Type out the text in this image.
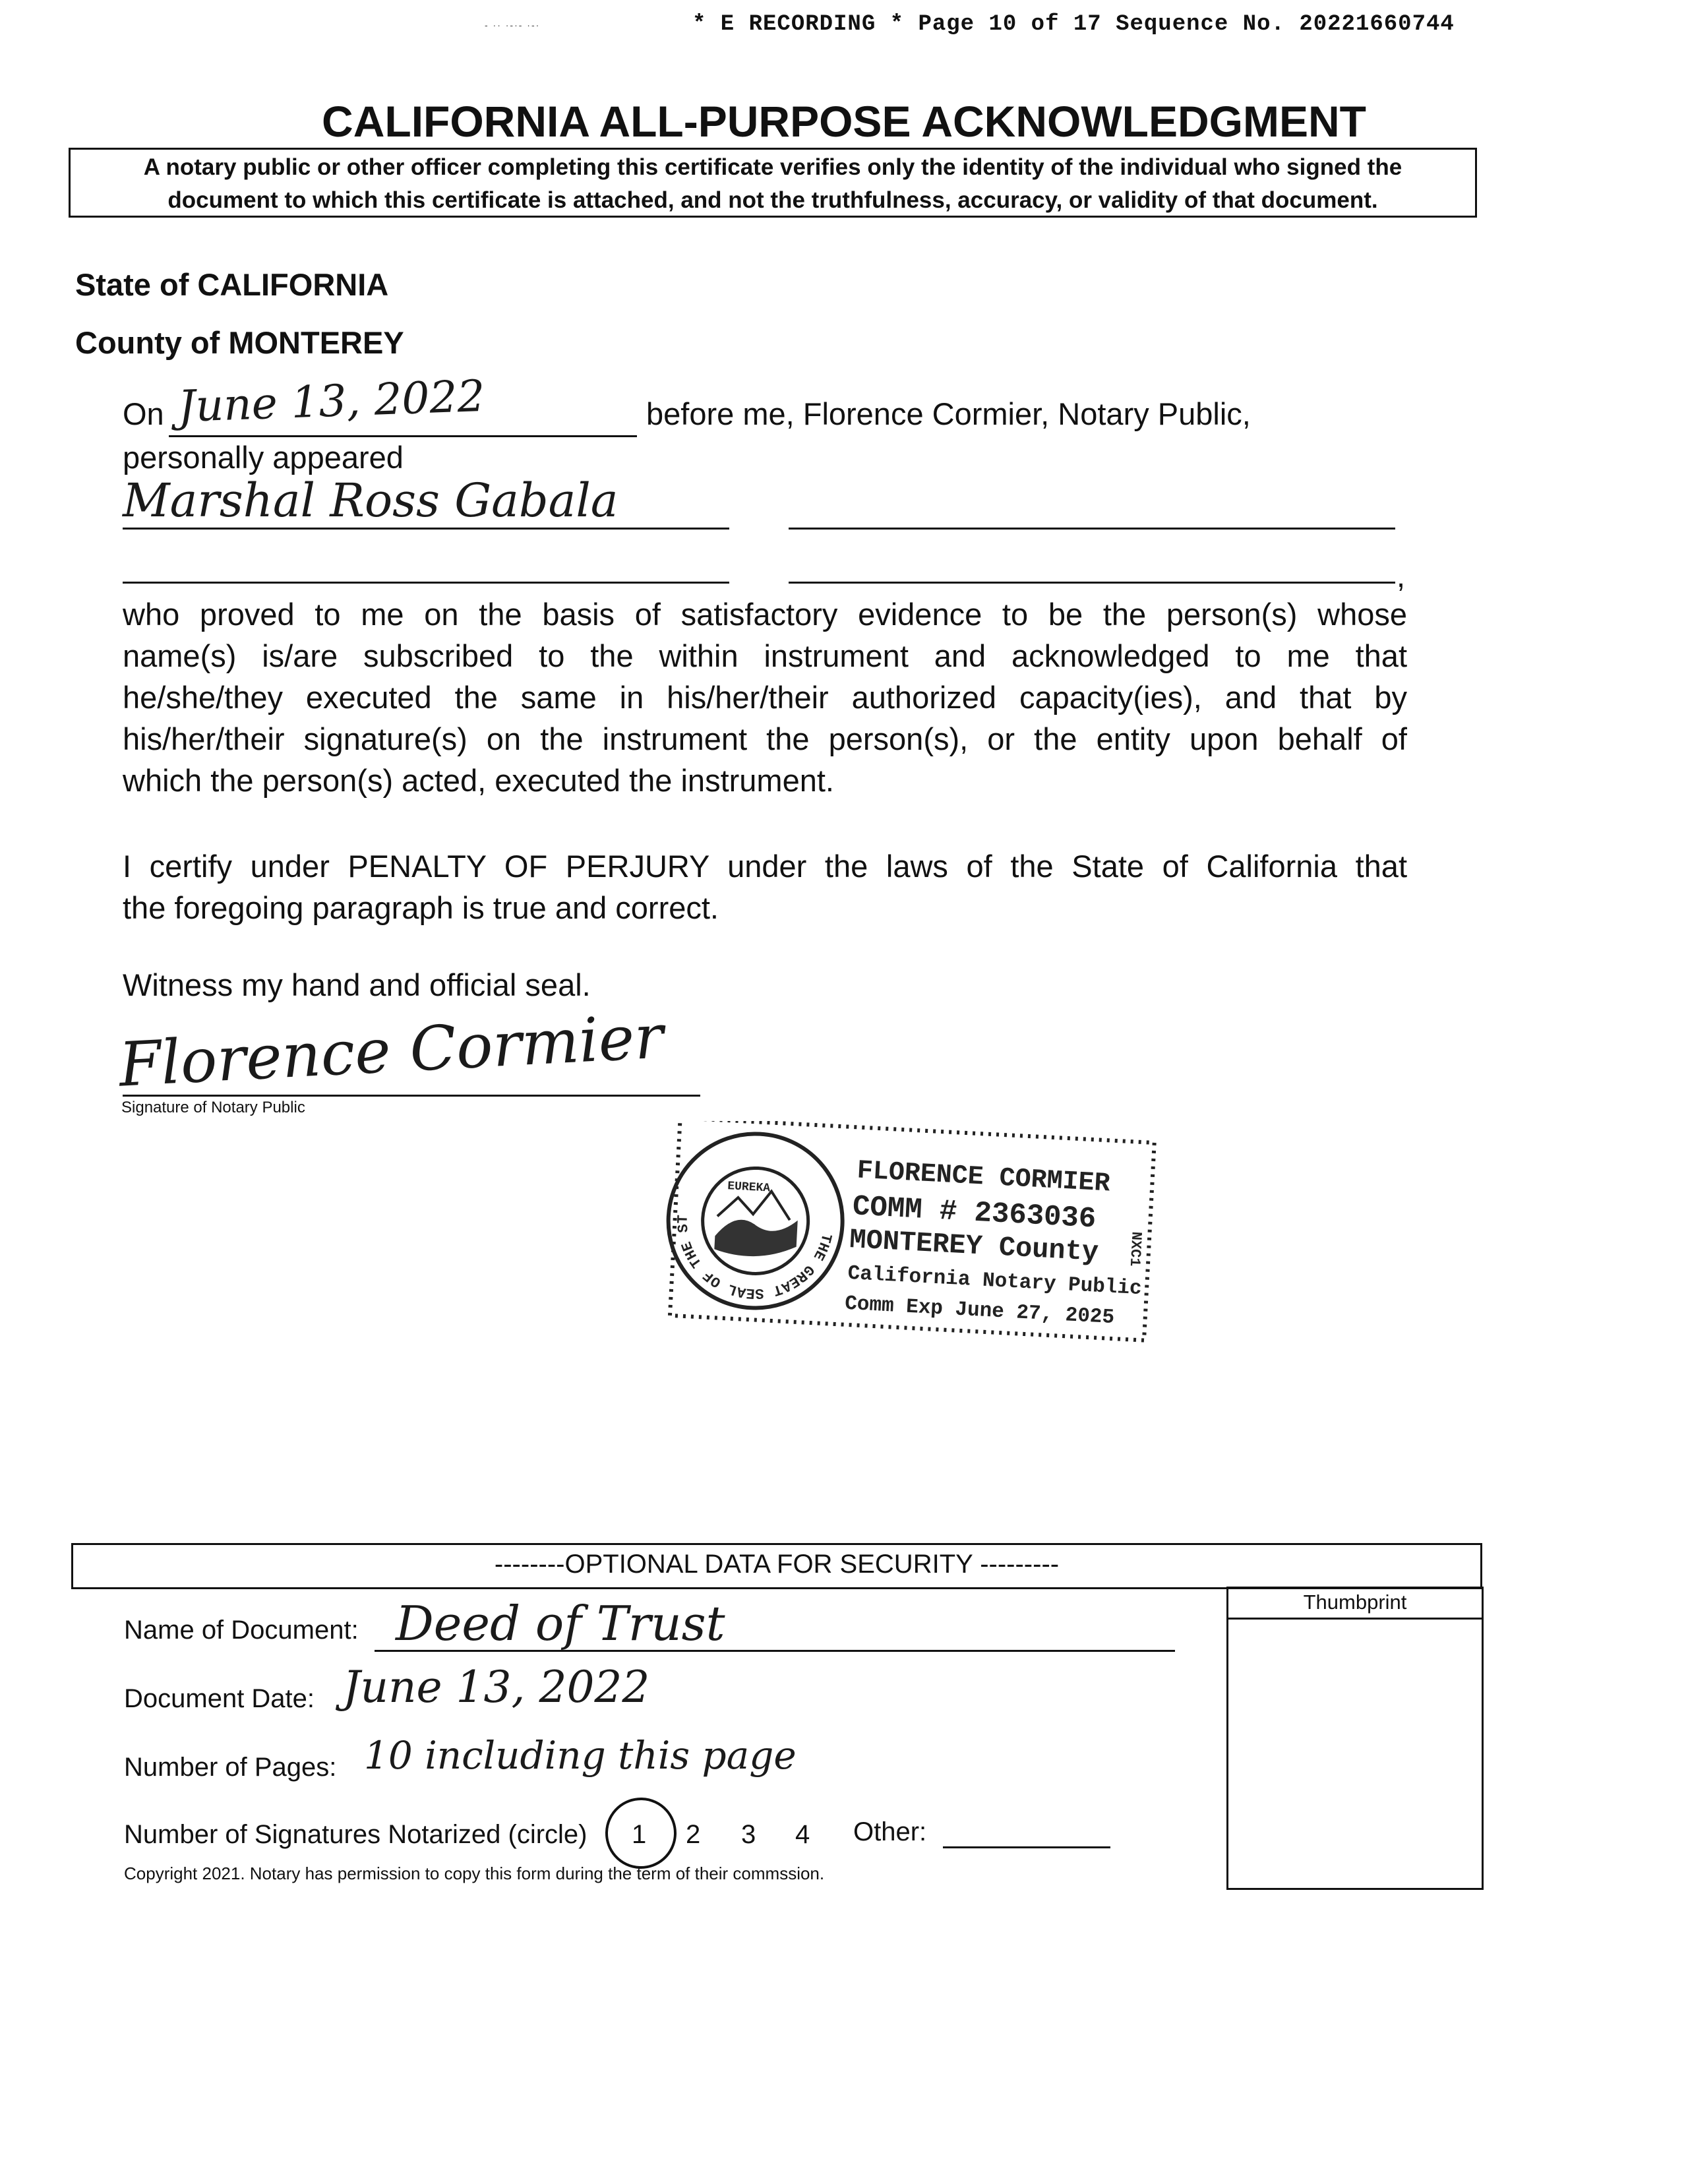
- ·· ·-·- ·-·	* E RECORDING * Page 10 of 17 Sequence No. 20221660744
CALIFORNIA ALL-PURPOSE ACKNOWLEDGMENT
A notary public or other officer completing this certificate verifies only the identity of the individual who signed the
document to which this certificate is attached, and not the truthfulness, accuracy, or validity of that document.
State of CALIFORNIA
County of MONTEREY
On June 13, 2022	before me, Florence Cormier, Notary Public,
personally appeared
Marshal Ross Gabala
,
who proved to me on the basis of satisfactory evidence to be the person(s) whose
name(s) is/are subscribed to the within instrument and acknowledged to me that
he/she/they executed the same in his/her/their authorized capacity(ies), and that by
his/her/their signature(s) on the instrument the person(s), or the entity upon behalf of
which the person(s) acted, executed the instrument.
I certify under PENALTY OF PERJURY under the laws of the State of California that
the foregoing paragraph is true and correct.
Witness my hand and official seal.
Florence Cormier
Signature of Notary Public
THE GREAT SEAL OF THE STATE
EUREKA	FLORENCE CORMIER
COMM # 2363036
MONTEREY County
California Notary Public
Comm Exp June 27, 2025
NXC1
--------OPTIONAL DATA FOR SECURITY ---------
Thumbprint
Name of Document: Deed of Trust
Document Date: June 13, 2022
Number of Pages: 10 including this page
Number of Signatures Notarized (circle) 1 2 3 4 Other:
Copyright 2021. Notary has permission to copy this form during the term of their commssion.
